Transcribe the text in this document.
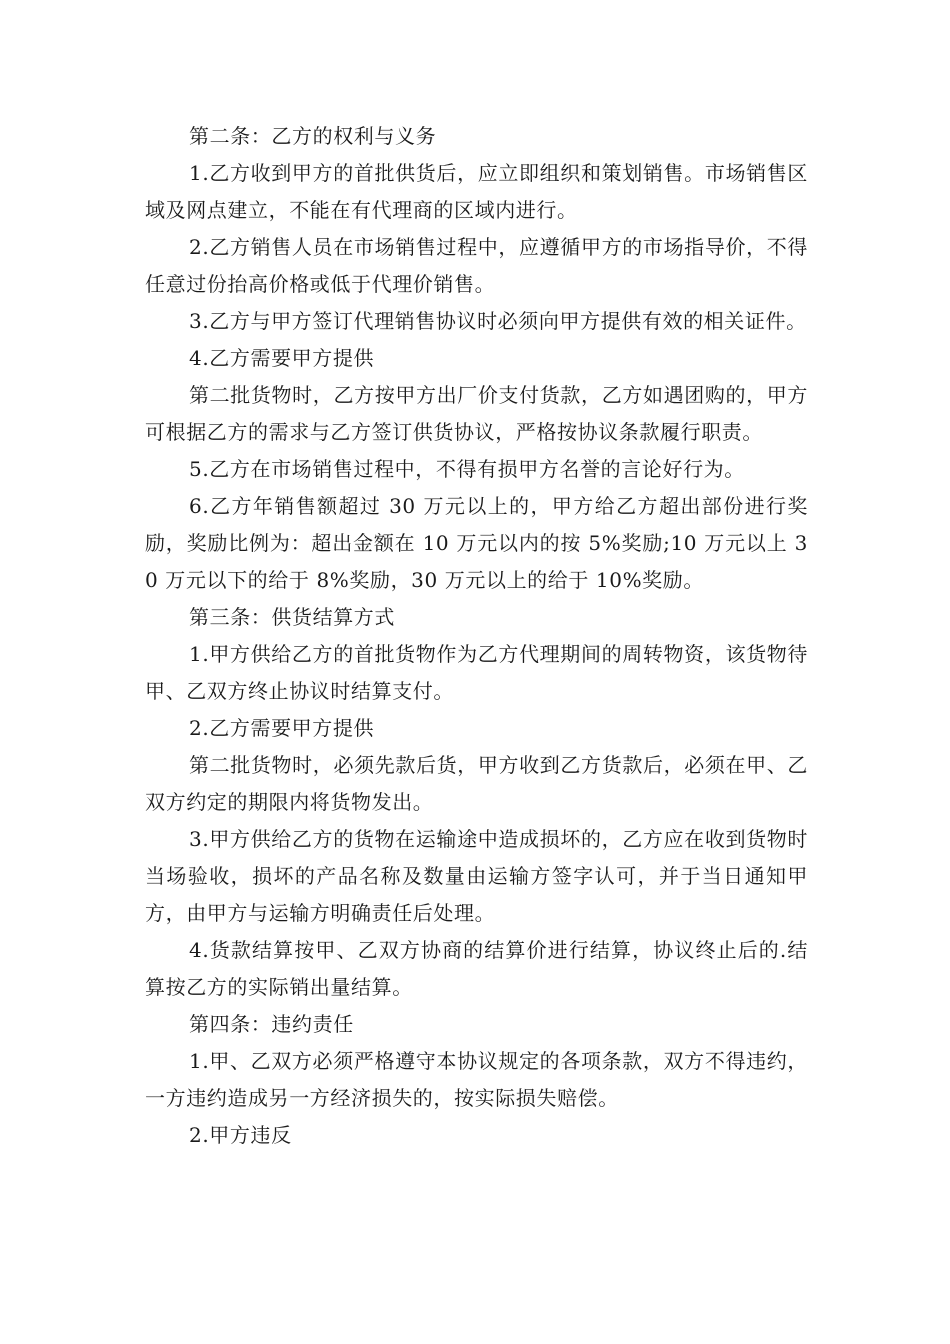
第二条：乙方的权利与义务

1.乙方收到甲方的首批供货后，应立即组织和策划销售。市场销售区域及网点建立，不能在有代理商的区域内进行。

2.乙方销售人员在市场销售过程中，应遵循甲方的市场指导价，不得任意过份抬高价格或低于代理价销售。

3.乙方与甲方签订代理销售协议时必须向甲方提供有效的相关证件。

4.乙方需要甲方提供

第二批货物时，乙方按甲方出厂价支付货款，乙方如遇团购的，甲方可根据乙方的需求与乙方签订供货协议，严格按协议条款履行职责。

5.乙方在市场销售过程中，不得有损甲方名誉的言论好行为。

6.乙方年销售额超过 30 万元以上的，甲方给乙方超出部份进行奖励，奖励比例为：超出金额在 10 万元以内的按 5%奖励;10 万元以上 30 万元以下的给于 8%奖励，30 万元以上的给于 10%奖励。

第三条：供货结算方式

1.甲方供给乙方的首批货物作为乙方代理期间的周转物资，该货物待甲、乙双方终止协议时结算支付。

2.乙方需要甲方提供

第二批货物时，必须先款后货，甲方收到乙方货款后，必须在甲、乙双方约定的期限内将货物发出。

3.甲方供给乙方的货物在运输途中造成损坏的，乙方应在收到货物时当场验收，损坏的产品名称及数量由运输方签字认可，并于当日通知甲方，由甲方与运输方明确责任后处理。

4.货款结算按甲、乙双方协商的结算价进行结算，协议终止后的.结算按乙方的实际销出量结算。

第四条：违约责任

1.甲、乙双方必须严格遵守本协议规定的各项条款，双方不得违约，一方违约造成另一方经济损失的，按实际损失赔偿。

2.甲方违反
